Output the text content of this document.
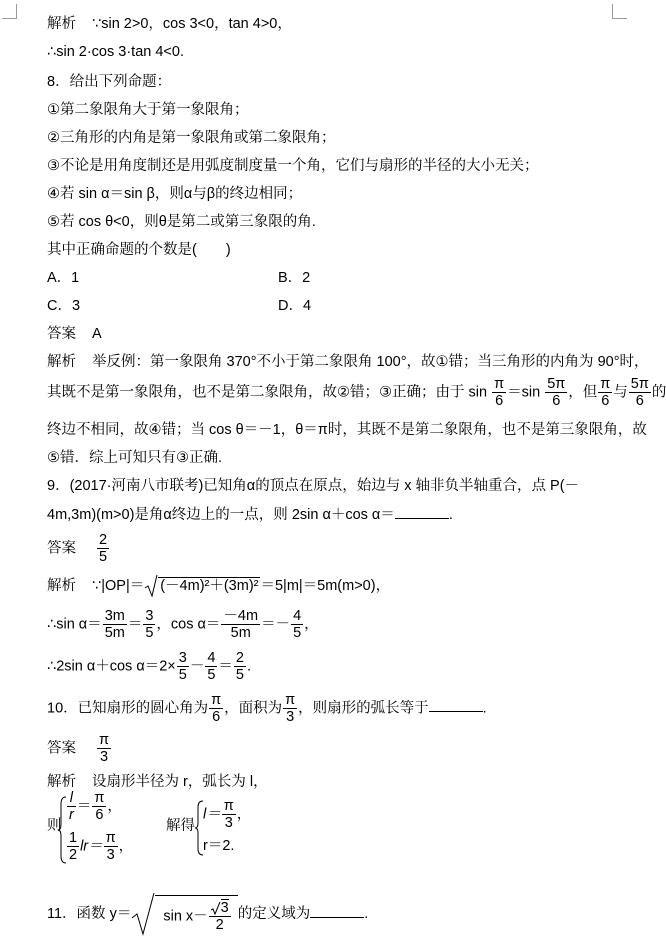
解析 ∵sin 2>0，cos 3<0，tan 4>0，
∴sin 2·cos 3·tan 4<0.
8．给出下列命题：
①第二象限角大于第一象限角；
②三角形的内角是第一象限角或第二象限角；
③不论是用角度制还是用弧度制度量一个角，它们与扇形的半径的大小无关；
④若 sin α＝sin β，则α与β的终边相同；
⑤若 cos θ<0，则θ是第二或第三象限的角.
其中正确命题的个数是(　　)
A．1	B．2
C．3	D．4
答案 A
解析 举反例：第一象限角 370°不小于第二象限角 100°，故①错；当三角形的内角为 90°时，
其既不是第一象限角，也不是第二象限角，故②错；③正确；由于 $\sin \frac{\pi}{6} =\sin \frac{5\pi}{6}$ ，但 $\frac{\pi}{6}$ 与 $\frac{5\pi}{6}$ 的
终边不相同，故④错；当 cos θ＝－1，θ＝π时，其既不是第二象限角，也不是第三象限角，故
⑤错．综上可知只有③正确.
9．(2017·河南八市联考)已知角α的顶点在原点，始边与 x 轴非负半轴重合，点 P(－
4m,3m)(m>0)是角α终边上的一点，则 2sin α＋cos α＝	.
答案 $\frac{2}{5}$
解析 ∵|OP|＝ (－4m)²＋(3m)² ＝5|m|＝5m(m>0)，
∴sin $\alpha= \frac{3m}{5m} = \frac{3}{5}$ ，$\cos \alpha= \frac{-4m}{5m} =- \frac{4}{5}$ ，
∴2sin α＋cos $\alpha=2\times \frac{3}{5} - \frac{4}{5} = \frac{2}{5}$ .
10．已知扇形的圆心角为 $\frac{\pi}{6}$ ，面积为 $\frac{\pi}{3}$ ，则扇形的弧长等于	.
答案 $\frac{\pi}{3}$
解析 设扇形半径为 r，弧长为 l，
则
$\frac{l}{r} = \frac{\pi}{6}$ ，
$\frac{1}{2} lr= \frac{\pi}{3}$ ，
解得
$l= \frac{\pi}{3}$ ，
r＝2.
11．函数 $y= \sin x- \frac{3}{2}$ 的定义域为	.
